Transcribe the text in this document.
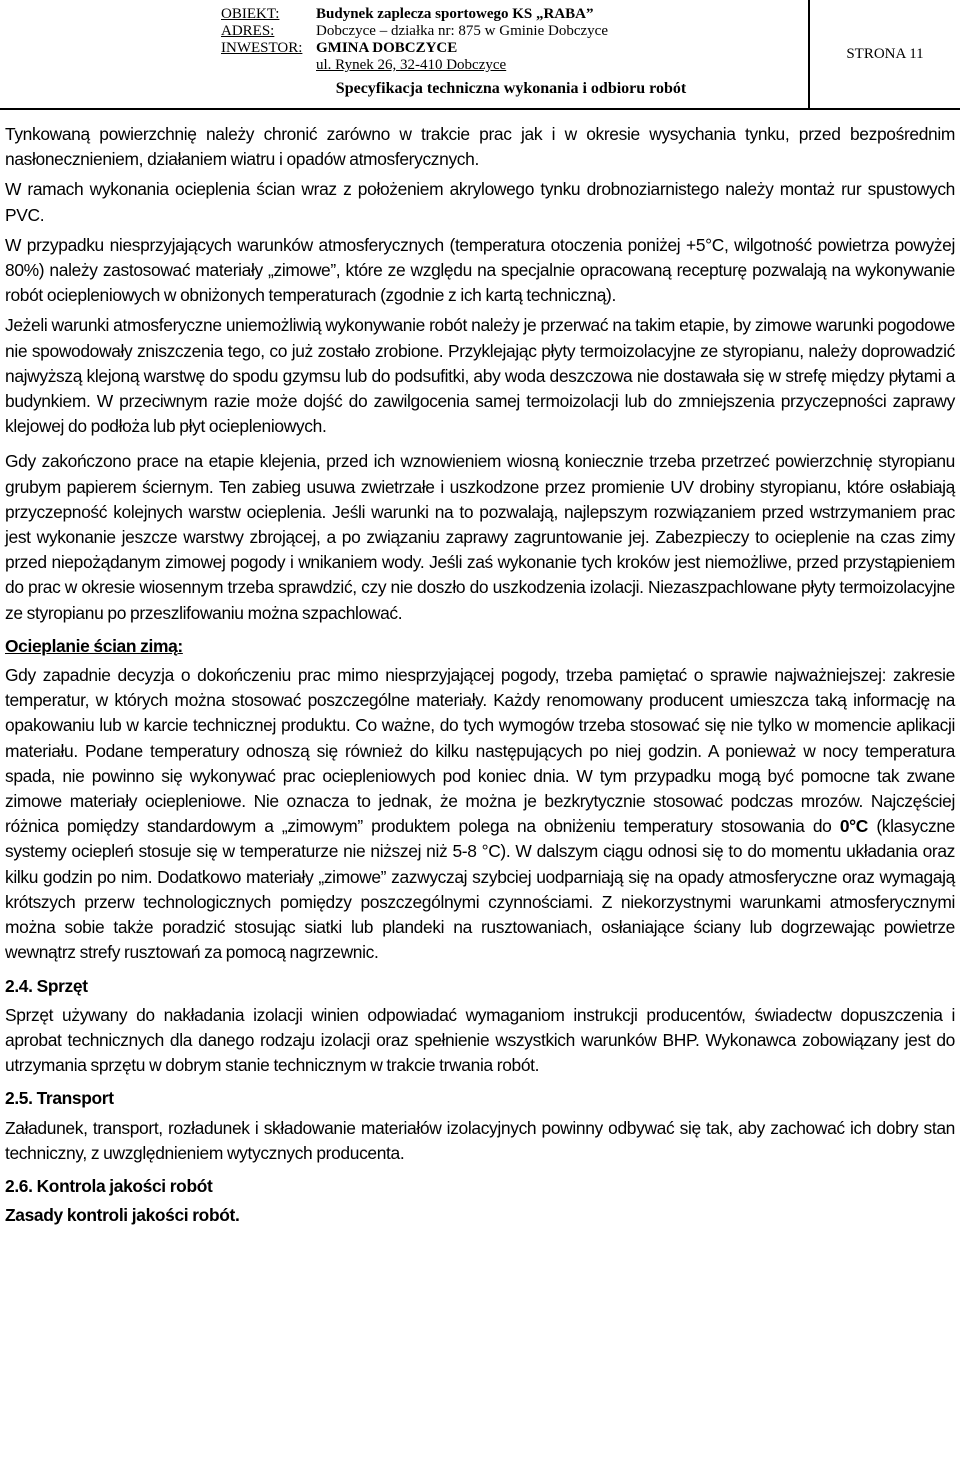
OBIEKT:	Budynek zaplecza sportowego KS „RABA”
ADRES:	Dobczyce – działka nr: 875 w Gminie Dobczyce
INWESTOR: GMINA DOBCZYCE
ul. Rynek 26, 32-410 Dobczyce
STRONA 11
Specyfikacja techniczna wykonania i odbioru robót

Tynkowaną powierzchnię należy chronić zarówno w trakcie prac jak i w okresie wysychania tynku, przed bezpośrednim nasłonecznieniem, działaniem wiatru i opadów atmosferycznych.

W ramach wykonania ocieplenia ścian wraz z położeniem akrylowego tynku drobnoziarnistego należy montaż rur spustowych PVC.

W przypadku niesprzyjających warunków atmosferycznych (temperatura otoczenia poniżej +5°C, wilgotność powietrza powyżej 80%) należy zastosować materiały „zimowe”, które ze względu na specjalnie opracowaną recepturę pozwalają na wykonywanie robót ociepleniowych w obniżonych temperaturach (zgodnie z ich kartą techniczną).

Jeżeli warunki atmosferyczne uniemożliwią wykonywanie robót należy je przerwać na takim etapie, by zimowe warunki pogodowe nie spowodowały zniszczenia tego, co już zostało zrobione. Przyklejając płyty termoizolacyjne ze styropianu, należy doprowadzić najwyższą klejoną warstwę do spodu gzymsu lub do podsufitki, aby woda deszczowa nie dostawała się w strefę między płytami a budynkiem. W przeciwnym razie może dojść do zawilgocenia samej termoizolacji lub do zmniejszenia przyczepności zaprawy klejowej do podłoża lub płyt ociepleniowych.

Gdy zakończono prace na etapie klejenia, przed ich wznowieniem wiosną koniecznie trzeba przetrzeć powierzchnię styropianu grubym papierem ściernym. Ten zabieg usuwa zwietrzałe i uszkodzone przez promienie UV drobiny styropianu, które osłabiają przyczepność kolejnych warstw ocieplenia. Jeśli warunki na to pozwalają, najlepszym rozwiązaniem przed wstrzymaniem prac jest wykonanie jeszcze warstwy zbrojącej, a po związaniu zaprawy zagruntowanie jej. Zabezpieczy to ocieplenie na czas zimy przed niepożądanym zimowej pogody i wnikaniem wody. Jeśli zaś wykonanie tych kroków jest niemożliwe, przed przystąpieniem do prac w okresie wiosennym trzeba sprawdzić, czy nie doszło do uszkodzenia izolacji. Niezaszpachlowane płyty termoizolacyjne ze styropianu po przeszlifowaniu można szpachlować.

Ocieplanie ścian zimą:

Gdy zapadnie decyzja o dokończeniu prac mimo niesprzyjającej pogody, trzeba pamiętać o sprawie najważniejszej: zakresie temperatur, w których można stosować poszczególne materiały. Każdy renomowany producent umieszcza taką informację na opakowaniu lub w karcie technicznej produktu. Co ważne, do tych wymogów trzeba stosować się nie tylko w momencie aplikacji materiału. Podane temperatury odnoszą się również do kilku następujących po niej godzin. A ponieważ w nocy temperatura spada, nie powinno się wykonywać prac ociepleniowych pod koniec dnia. W tym przypadku mogą być pomocne tak zwane zimowe materiały ociepleniowe. Nie oznacza to jednak, że można je bezkrytycznie stosować podczas mrozów. Najczęściej różnica pomiędzy standardowym a „zimowym” produktem polega na obniżeniu temperatury stosowania do 0°C (klasyczne systemy ociepleń stosuje się w temperaturze nie niższej niż 5-8 °C). W dalszym ciągu odnosi się to do momentu układania oraz kilku godzin po nim. Dodatkowo materiały „zimowe” zazwyczaj szybciej uodparniają się na opady atmosferyczne oraz wymagają krótszych przerw technologicznych pomiędzy poszczególnymi czynnościami. Z niekorzystnymi warunkami atmosferycznymi można sobie także poradzić stosując siatki lub plandeki na rusztowaniach, osłaniające ściany lub dogrzewając powietrze wewnątrz strefy rusztowań za pomocą nagrzewnic.

2.4. Sprzęt

Sprzęt używany do nakładania izolacji winien odpowiadać wymaganiom instrukcji producentów, świadectw dopuszczenia i aprobat technicznych dla danego rodzaju izolacji oraz spełnienie wszystkich warunków BHP. Wykonawca zobowiązany jest do utrzymania sprzętu w dobrym stanie technicznym w trakcie trwania robót.

2.5. Transport

Załadunek, transport, rozładunek i składowanie materiałów izolacyjnych powinny odbywać się tak, aby zachować ich dobry stan techniczny, z uwzględnieniem wytycznych producenta.

2.6. Kontrola jakości robót
Zasady kontroli jakości robót.
